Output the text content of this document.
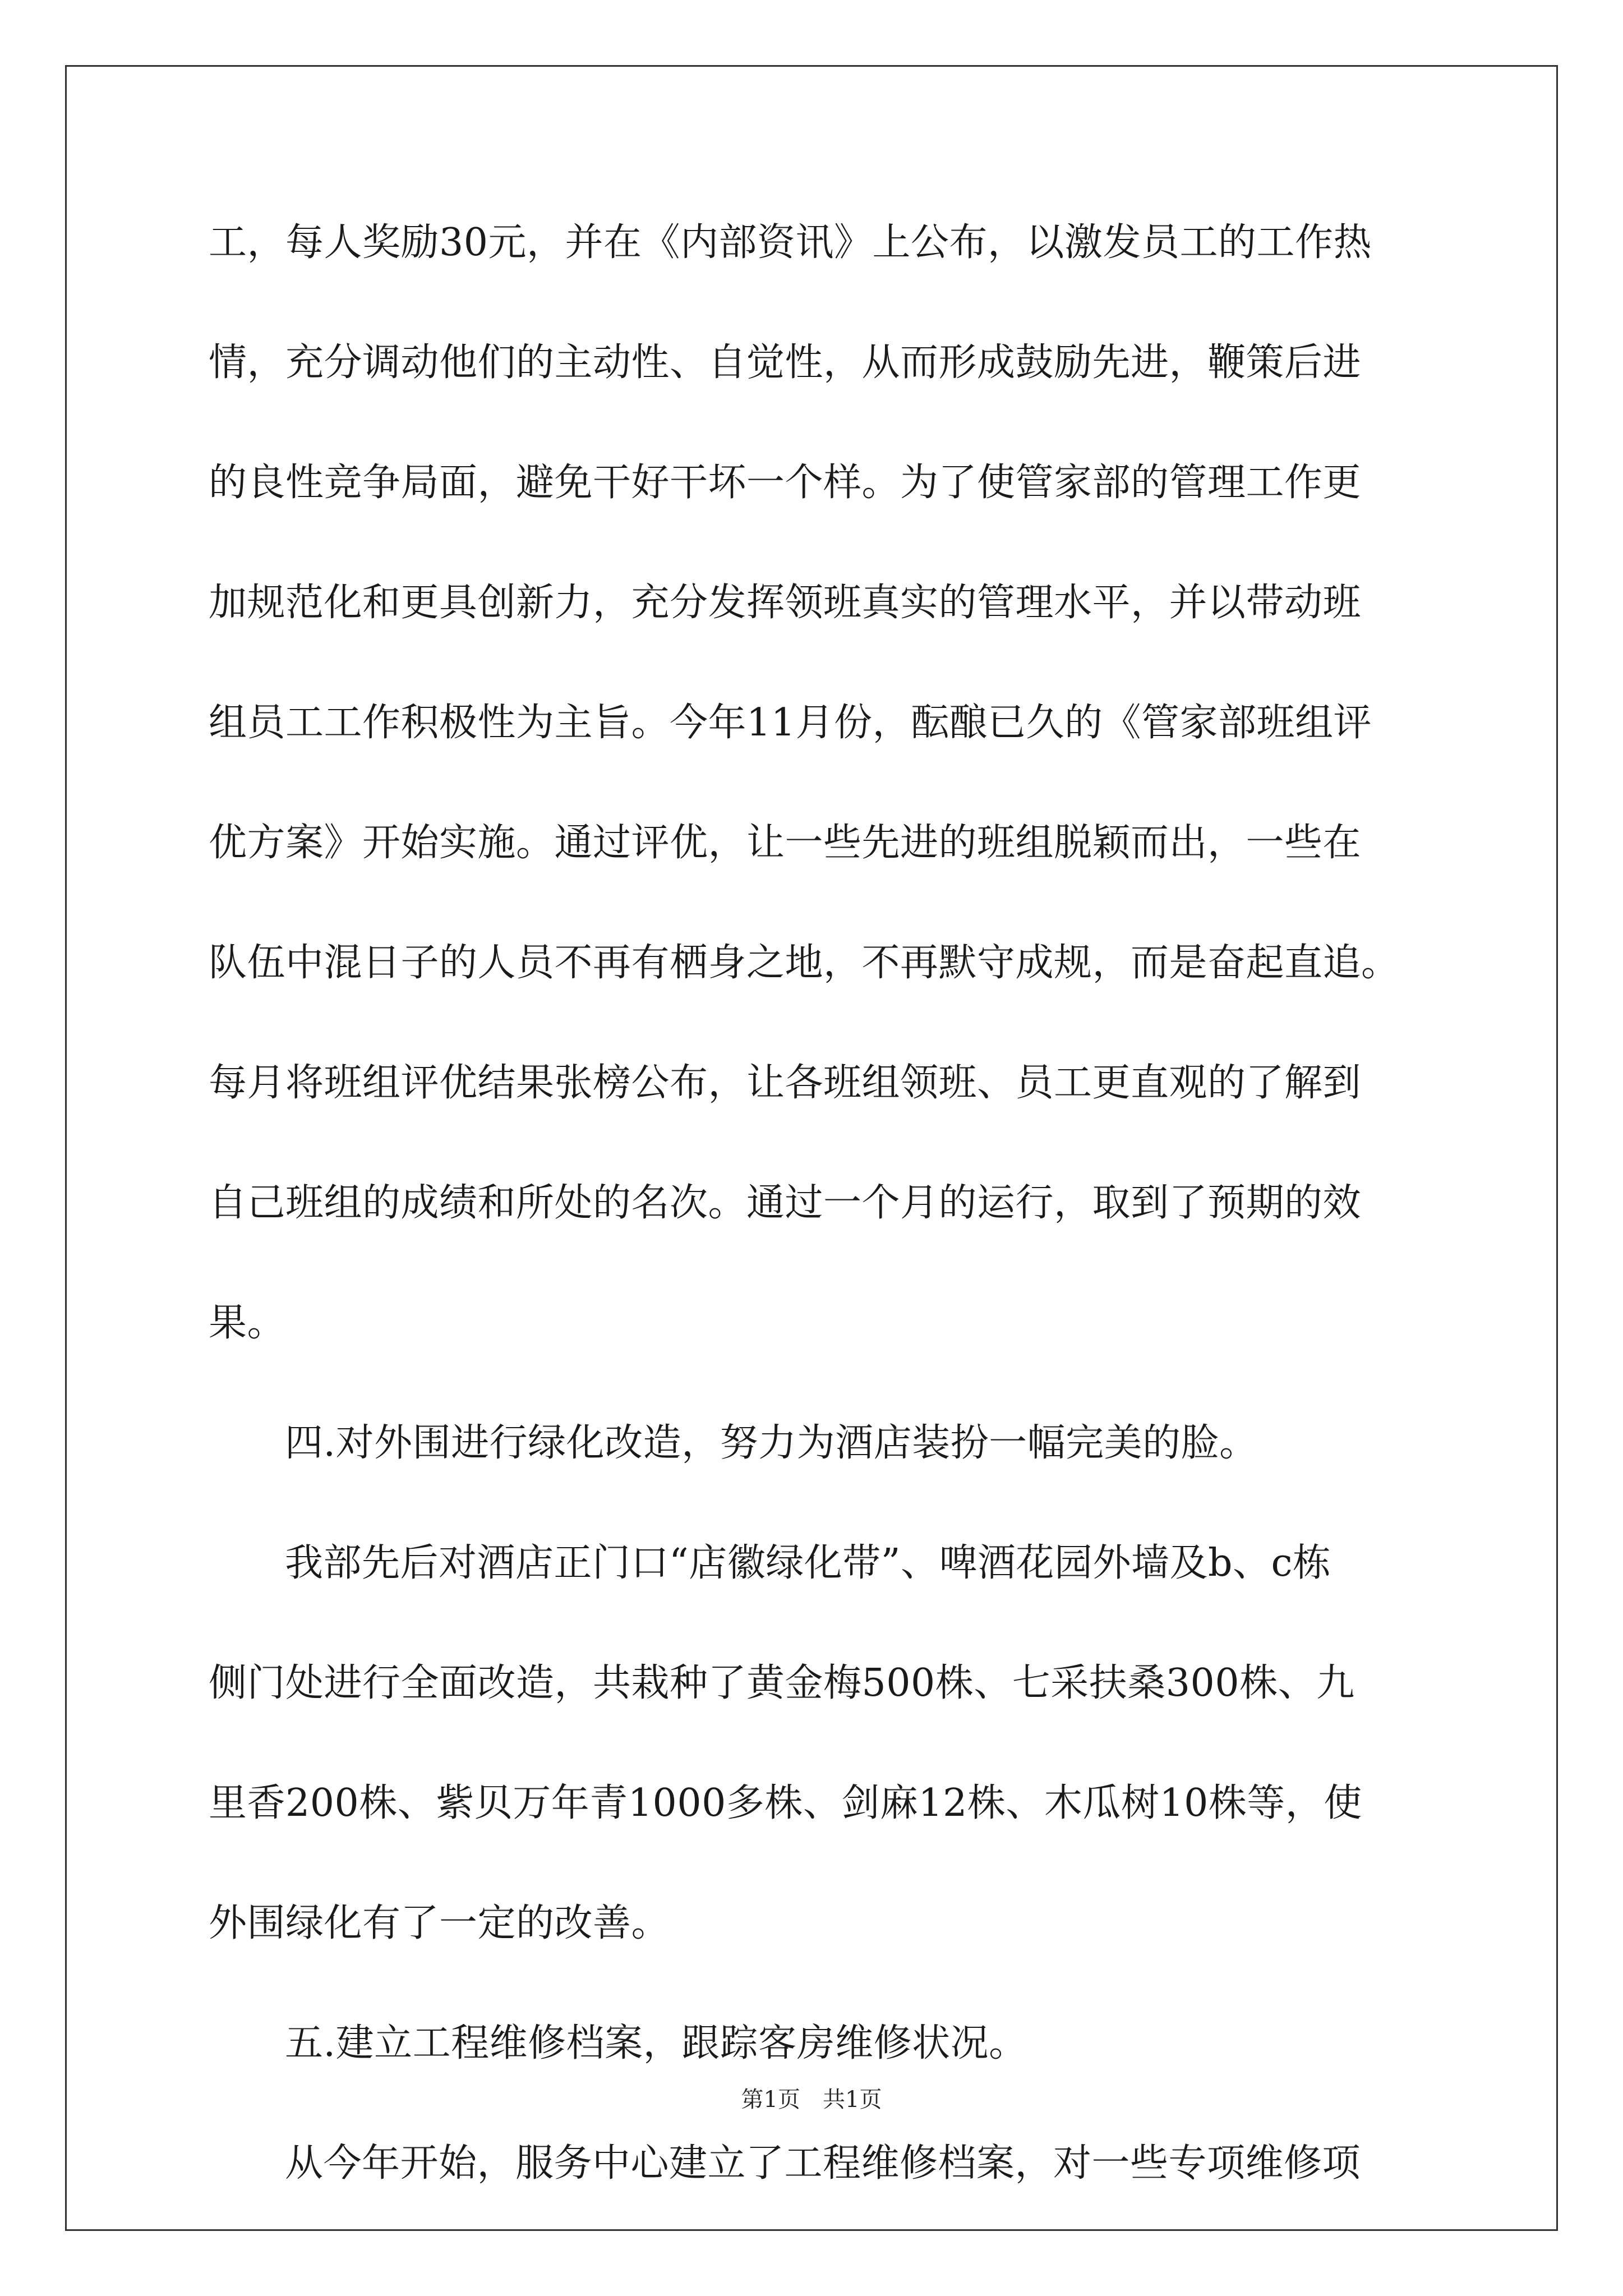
工，每人奖励30元，并在《内部资讯》上公布，以激发员工的工作热
情，充分调动他们的主动性、自觉性，从而形成鼓励先进，鞭策后进
的良性竞争局面，避免干好干坏一个样。为了使管家部的管理工作更
加规范化和更具创新力，充分发挥领班真实的管理水平，并以带动班
组员工工作积极性为主旨。今年11月份，酝酿已久的《管家部班组评
优方案》开始实施。通过评优，让一些先进的班组脱颖而出，一些在
队伍中混日子的人员不再有栖身之地，不再默守成规，而是奋起直追。
每月将班组评优结果张榜公布，让各班组领班、员工更直观的了解到
自己班组的成绩和所处的名次。通过一个月的运行，取到了预期的效
果。
四.对外围进行绿化改造，努力为酒店装扮一幅完美的脸。
我部先后对酒店正门口“店徽绿化带”、啤酒花园外墙及b、c栋
侧门处进行全面改造，共栽种了黄金梅500株、七采扶桑300株、九
里香200株、紫贝万年青1000多株、剑麻12株、木瓜树10株等，使
外围绿化有了一定的改善。
五.建立工程维修档案，跟踪客房维修状况。
从今年开始，服务中心建立了工程维修档案，对一些专项维修项
第1页　共1页
